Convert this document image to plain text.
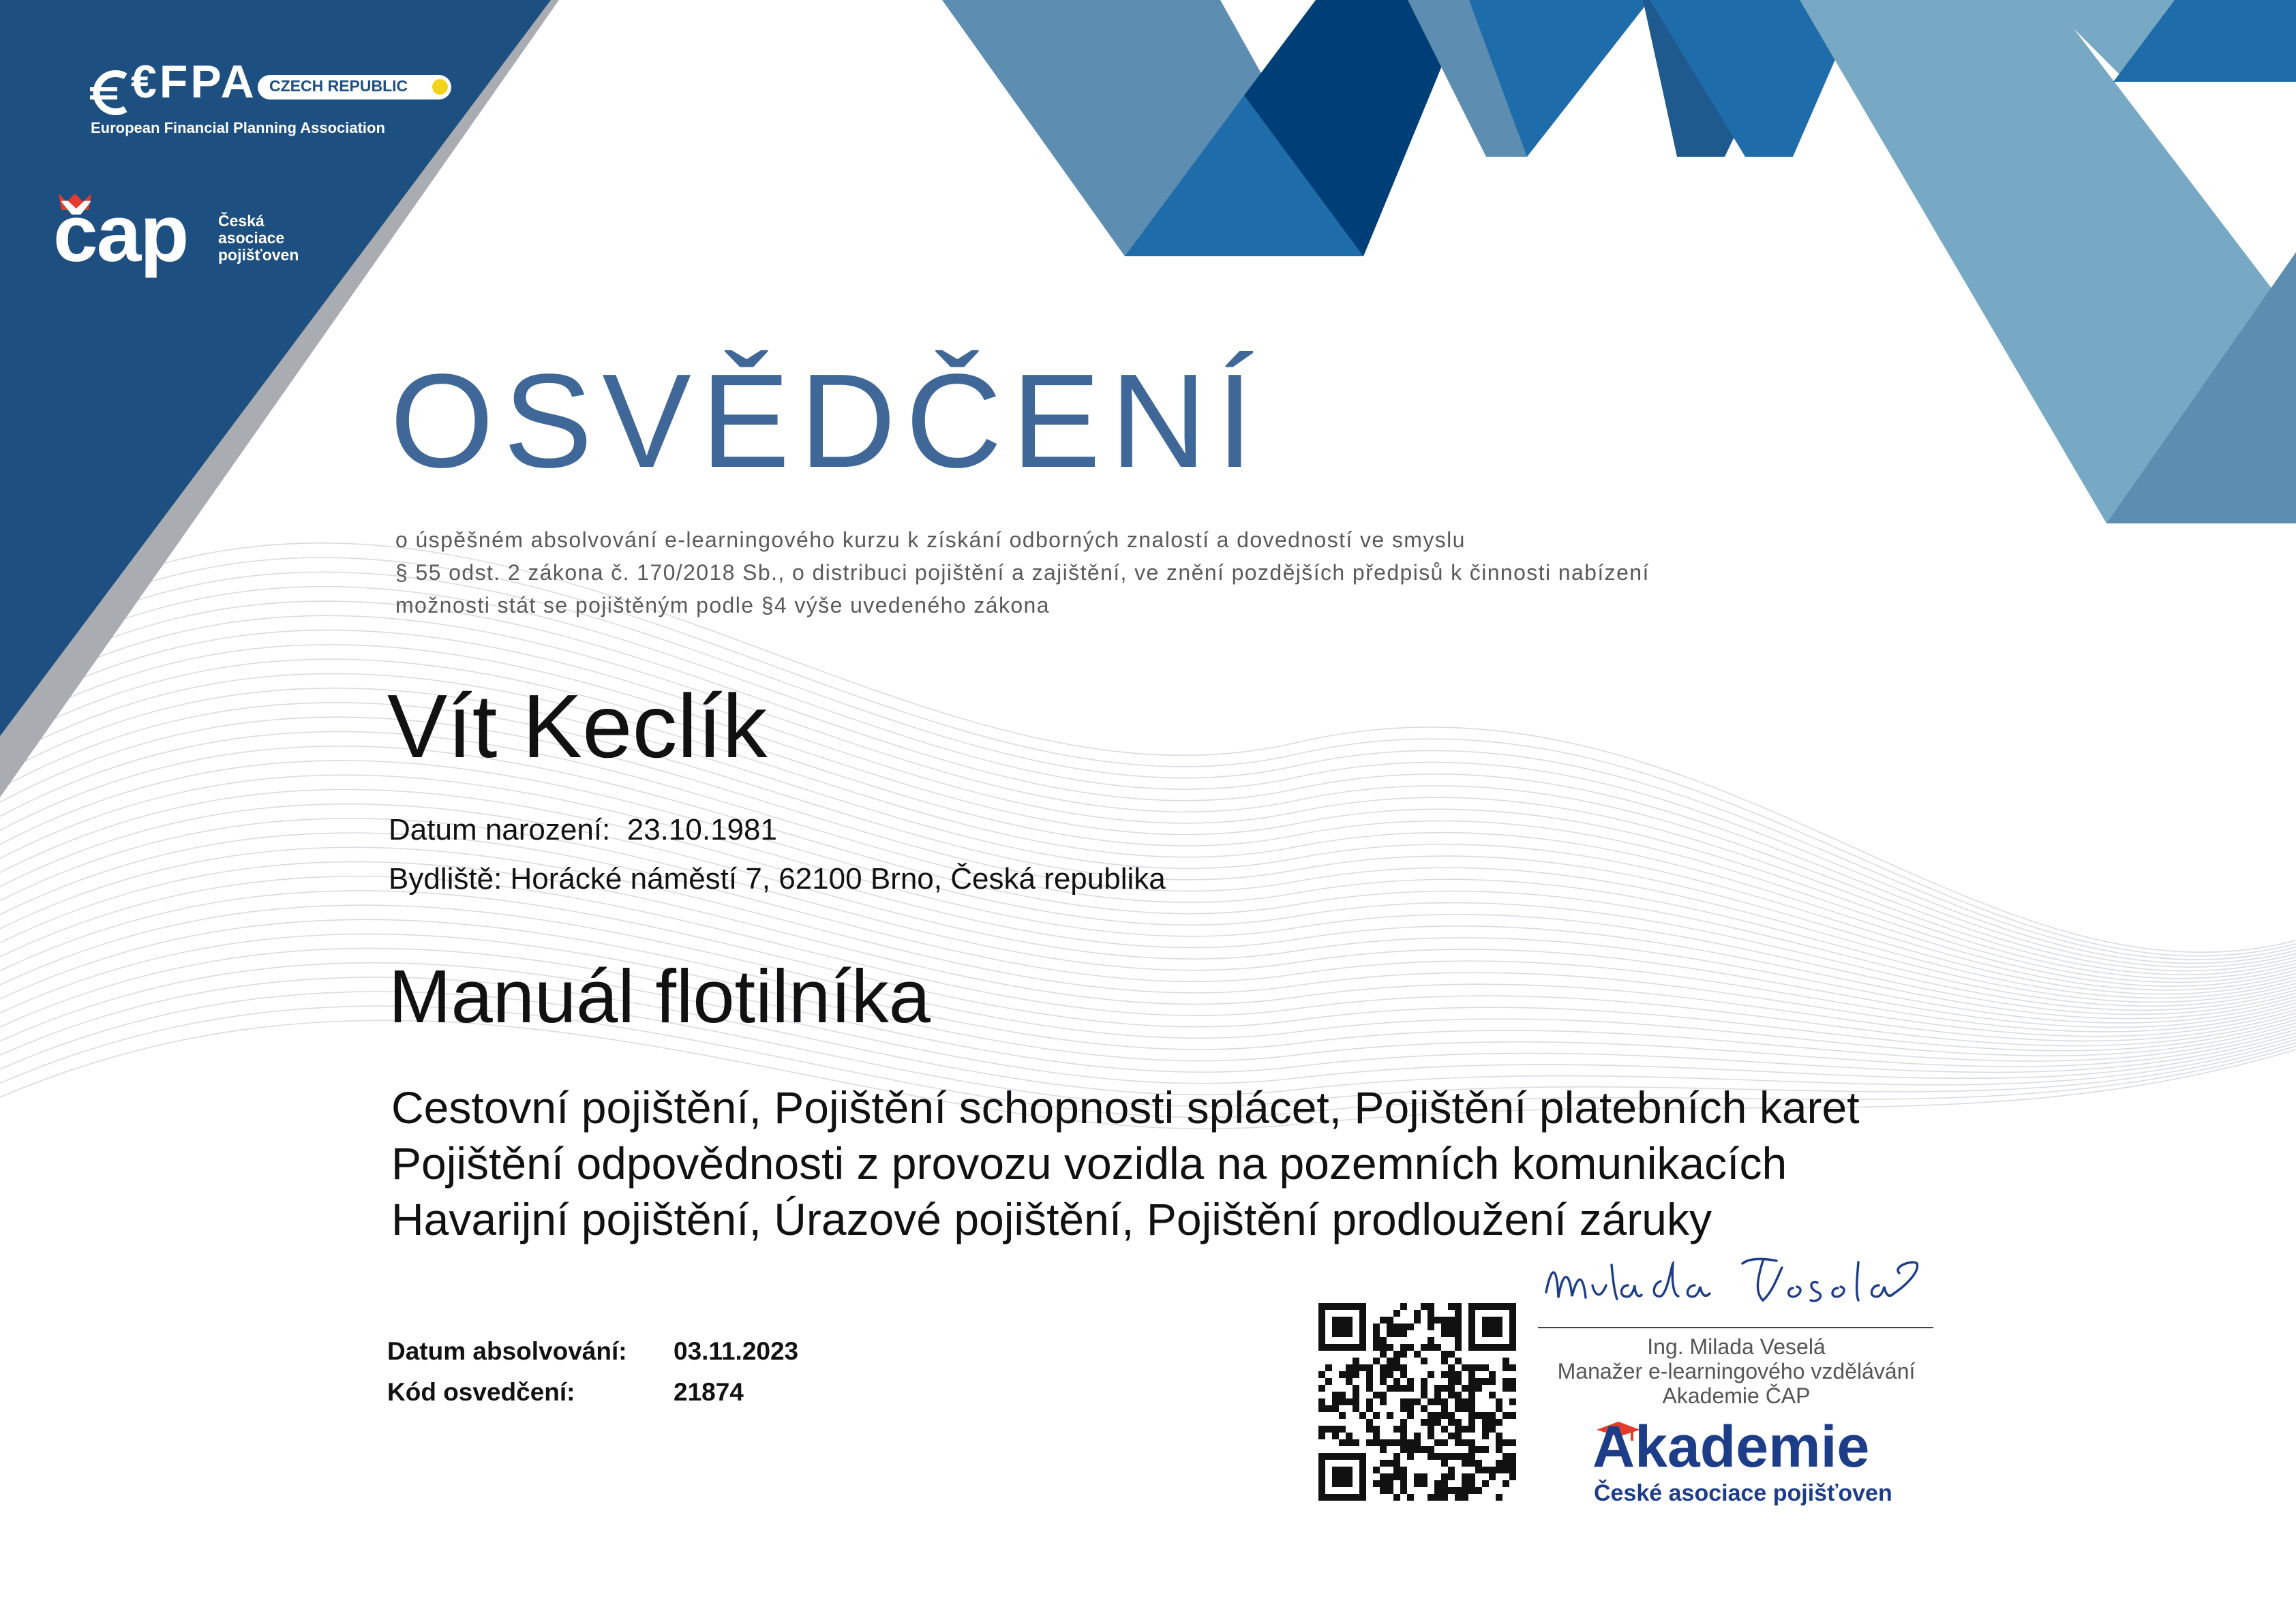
€FPA CZECH REPUBLIC
European Financial Planning Association
čap Česká
asociace
pojišťoven
OSVĚDČENÍ
o úspěšném absolvování e-learningového kurzu k získání odborných znalostí a dovedností ve smyslu
§ 55 odst. 2 zákona č. 170/2018 Sb., o distribuci pojištění a zajištění, ve znění pozdějších předpisů k činnosti nabízení
možnosti stát se pojištěným podle §4 výše uvedeného zákona
Vít Keclík
Datum narození: 23.10.1981
Bydliště: Horácké náměstí 7, 62100 Brno, Česká republika
Manuál flotilníka
Cestovní pojištění, Pojištění schopnosti splácet, Pojištění platebních karet
Pojištění odpovědnosti z provozu vozidla na pozemních komunikacích
Havarijní pojištění, Úrazové pojištění, Pojištění prodloužení záruky
Datum absolvování: 03.11.2023
Kód osvedčení:	21874
Ing. Milada Veselá
Manažer e-learningového vzdělávání
Akademie ČAP
Akademie
České asociace pojišťoven
